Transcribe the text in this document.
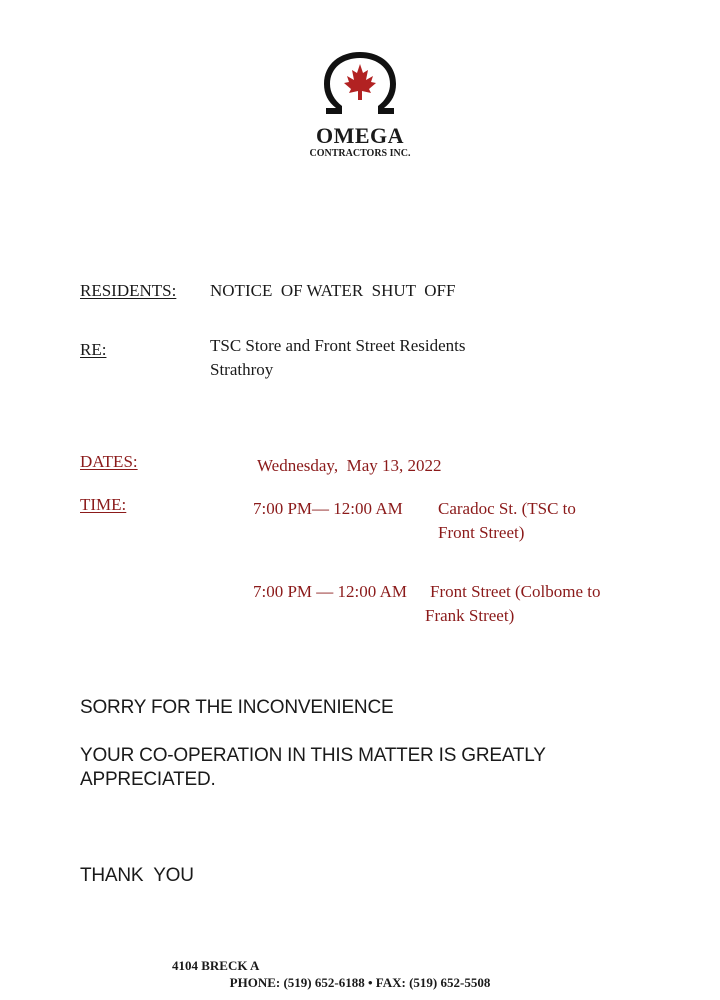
OMEGA
CONTRACTORS INC.
RESIDENTS: NOTICE  OF WATER  SHUT  OFF
RE:	TSC Store and Front Street Residents
Strathroy
DATES:	Wednesday,  May 13, 2022
TIME:	7:00 PM— 12:00 AM Caradoc St. (TSC to
Front Street)
7:00 PM — 12:00 AM Front Street (Colbome to
Frank Street)
SORRY FOR THE INCONVENIENCE
YOUR CO-OPERATION IN THIS MATTER IS GREATLY
APPRECIATED.
THANK  YOU
4104 BRECK A
PHONE: (519) 652-6188 • FAX: (519) 652-5508
